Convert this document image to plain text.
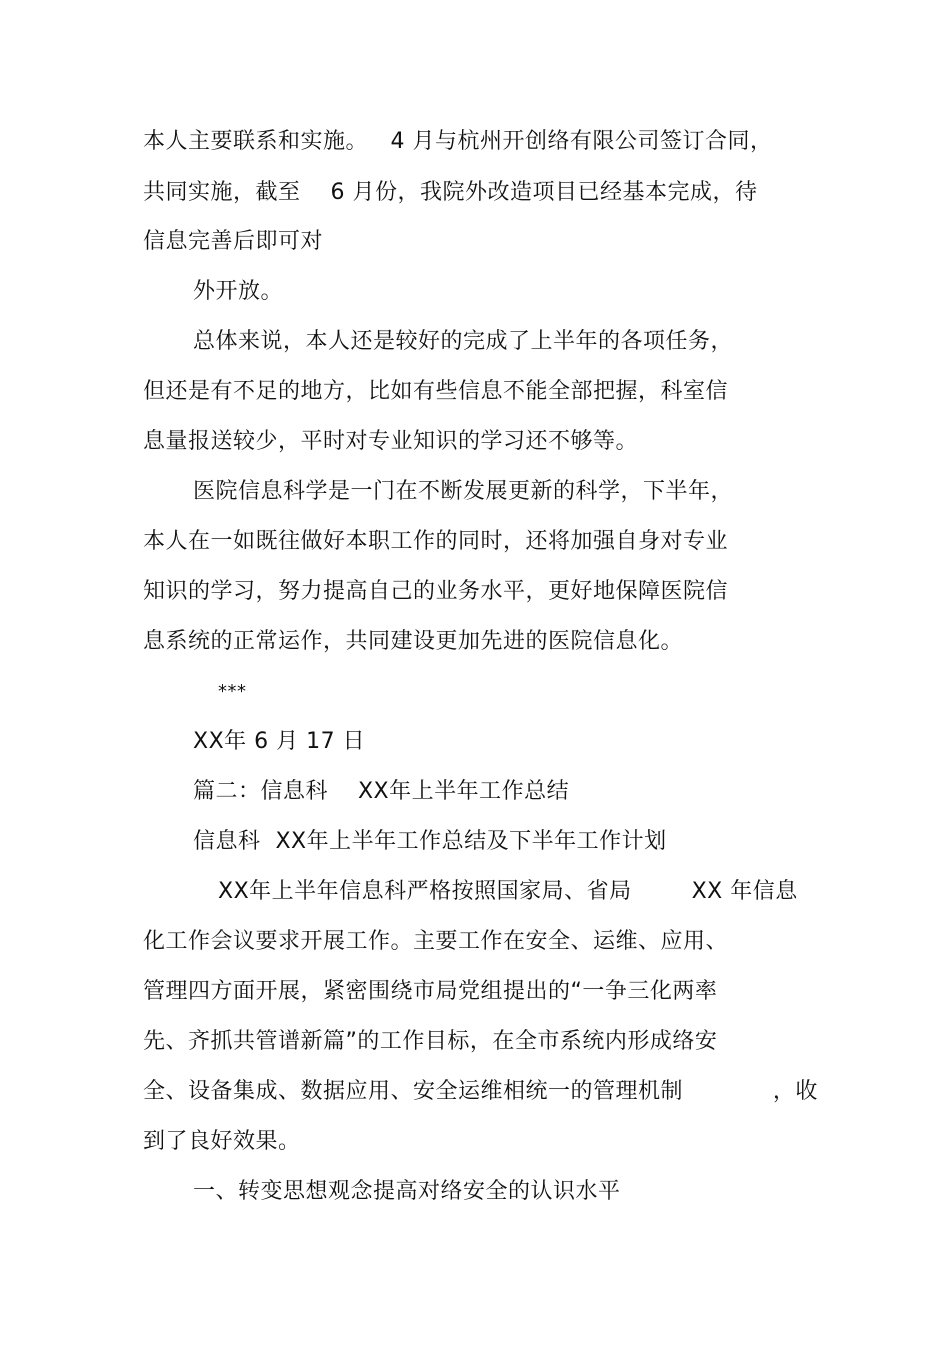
本人主要联系和实施。   4 月与杭州开创络有限公司签订合同，
共同实施，截至    6 月份，我院外改造项目已经基本完成，待
信息完善后即可对
外开放。
总体来说，本人还是较好的完成了上半年的各项任务，
但还是有不足的地方，比如有些信息不能全部把握，科室信
息量报送较少，平时对专业知识的学习还不够等。
医院信息科学是一门在不断发展更新的科学，下半年，
本人在一如既往做好本职工作的同时，还将加强自身对专业
知识的学习，努力提高自己的业务水平，更好地保障医院信
息系统的正常运作，共同建设更加先进的医院信息化。
***
XX年 6 月 17 日
篇二：信息科    XX年上半年工作总结
信息科  XX年上半年工作总结及下半年工作计划
XX年上半年信息科严格按照国家局、省局        XX 年信息
化工作会议要求开展工作。主要工作在安全、运维、应用、
管理四方面开展，紧密围绕市局党组提出的“一争三化两率
先、齐抓共管谱新篇”的工作目标，在全市系统内形成络安
全、设备集成、数据应用、安全运维相统一的管理机制            ，收
到了良好效果。
一、转变思想观念提高对络安全的认识水平
